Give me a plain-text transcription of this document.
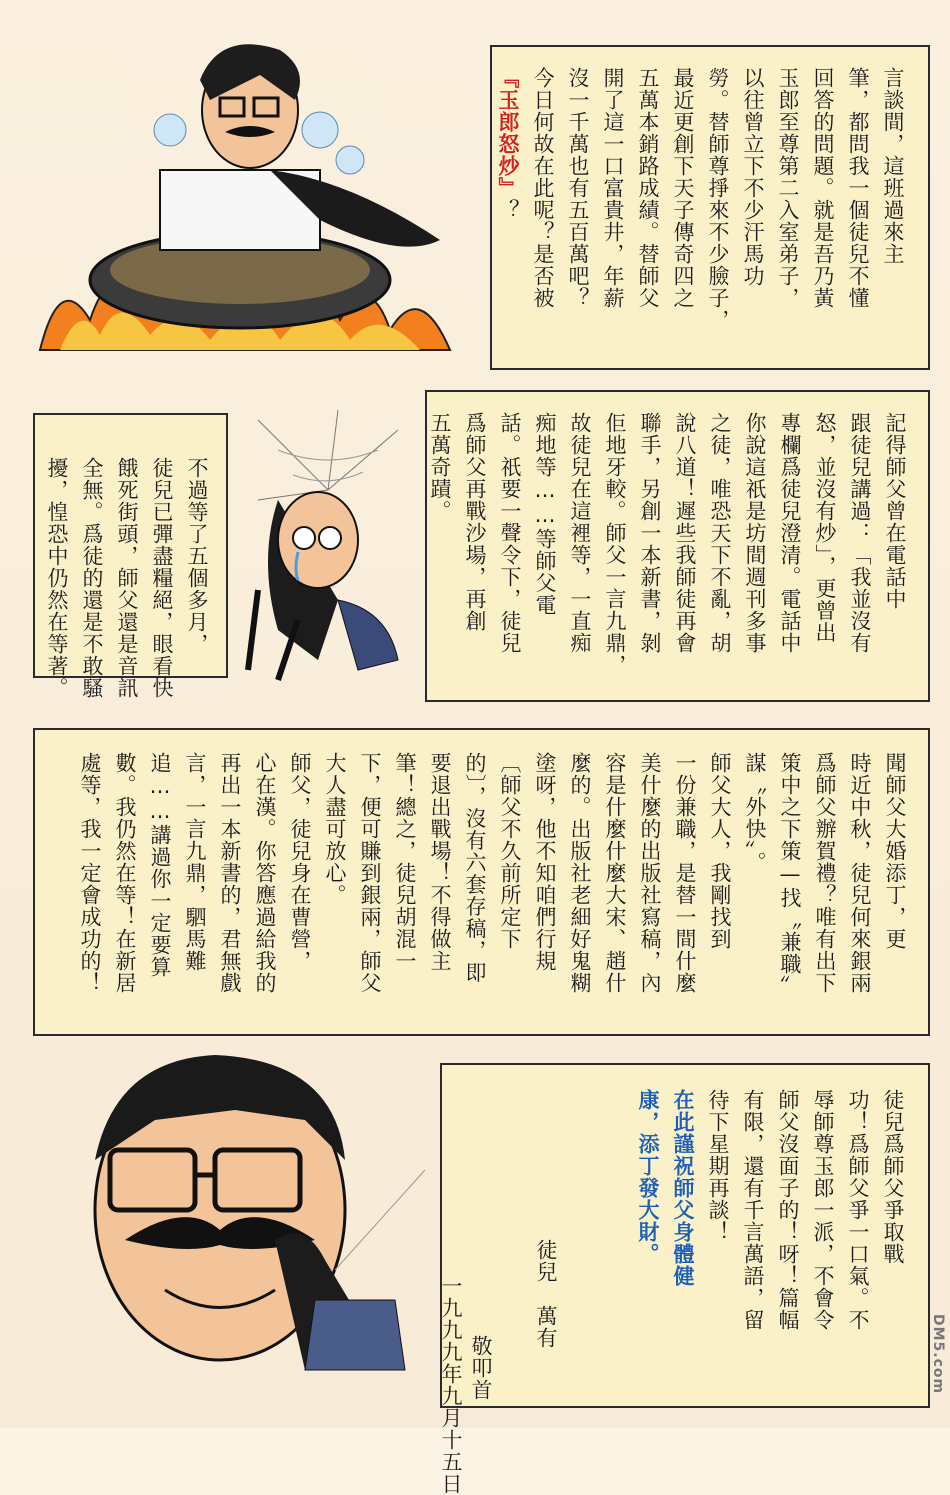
言談間，這班過來主
筆，都問我一個徒兒不懂
回答的問題。就是吾乃黃
玉郎至尊第二入室弟子，
以往曾立下不少汗馬功
勞。替師尊掙來不少臉子，
最近更創下天子傳奇四之
五萬本銷路成績。替師父
開了這一口富貴井，年薪
沒一千萬也有五百萬吧？
今日何故在此呢？是否被
『玉郎怒炒』？
不過等了五個多月，
徒兒已彈盡糧絕，眼看快
餓死街頭，師父還是音訊
全無。爲徒的還是不敢騷
擾，惶恐中仍然在等著。	記得師父曾在電話中
跟徒兒講過：「我並沒有
怒，並沒有炒」，更曾出
專欄爲徒兒澄清。電話中
你說這祇是坊間週刊多事
之徒，唯恐天下不亂，胡
說八道！遲些我師徒再會
聯手，另創一本新書，剝
佢地牙較。師父一言九鼎，
故徒兒在這裡等，一直痴
痴地等……等師父電
話。祇要一聲令下，徒兒
爲師父再戰沙場，再創
五萬奇蹟。
聞師父大婚添丁，更
時近中秋，徒兒何來銀兩
爲師父辦賀禮？唯有出下
策中之下策—找〝兼職〞
謀〝外快〞。
師父大人，我剛找到
一份兼職，是替一間什麼
美什麼的出版社寫稿，內
容是什麼什麼大宋、趙什
麼的。出版社老細好鬼糊
塗呀，他不知咱們行規
〔師父不久前所定下
的〕，沒有六套存稿，即
要退出戰場！不得做主
筆！總之，徒兒胡混一
下，便可賺到銀兩，師父
大人盡可放心。
師父，徒兒身在曹營，
心在漢。你答應過給我的
再出一本新書的，君無戲
言，一言九鼎，駟馬難
追……講過你一定要算
數。我仍然在等！在新居
處等，我一定會成功的！
徒兒爲師父爭取戰
功！爲師父爭一口氣。不
辱師尊玉郎一派，不會令
師父沒面子的！呀！篇幅
有限，還有千言萬語，留
待下星期再談！
在此謹祝師父身體健
康，添丁發大財。

徒兒　萬有

敬叩首

一九九九年九月十五日
	DM5.com
